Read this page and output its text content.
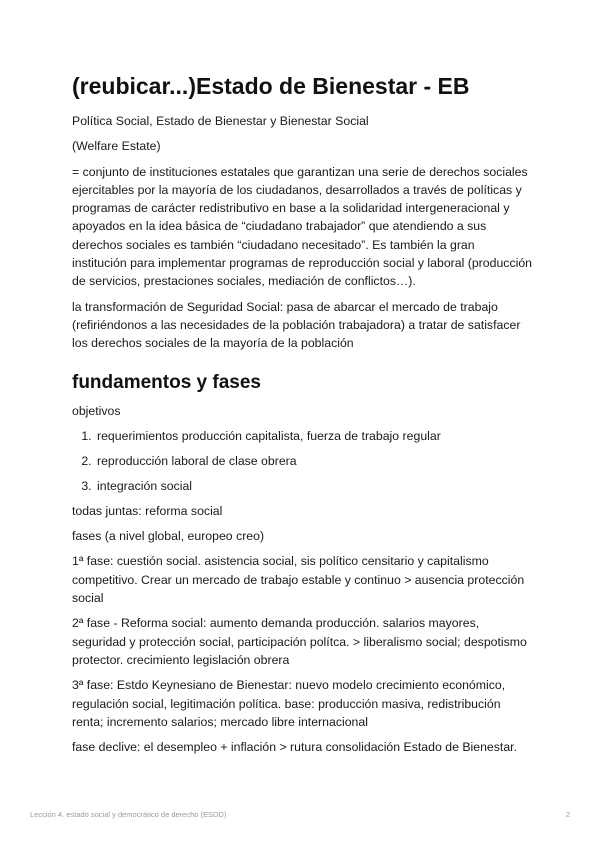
(reubicar...)Estado de Bienestar - EB

Política Social, Estado de Bienestar y Bienestar Social

(Welfare Estate)

= conjunto de instituciones estatales que garantizan una serie de derechos sociales ejercitables por la mayoría de los ciudadanos, desarrollados a través de políticas y programas de carácter redistributivo en base a la solidaridad intergeneracional y apoyados en la idea básica de “ciudadano trabajador” que atendiendo a sus derechos sociales es también “ciudadano necesitado”. Es también la gran institución para implementar programas de reproducción social y laboral (producción de servicios, prestaciones sociales, mediación de conflictos…).

la transformación de Seguridad Social: pasa de abarcar el mercado de trabajo (refiriéndonos a las necesidades de la población trabajadora) a tratar de satisfacer los derechos sociales de la mayoría de la población

fundamentos y fases

objetivos

1. requerimientos producción capitalista, fuerza de trabajo regular
2. reproducción laboral de clase obrera
3. integración social

todas juntas: reforma social

fases (a nivel global, europeo creo)

1ª fase: cuestión social. asistencia social, sis político censitario y capitalismo competitivo. Crear un mercado de trabajo estable y continuo > ausencia protección social

2ª fase - Reforma social: aumento demanda producción. salarios mayores, seguridad y protección social, participación polítca. > liberalismo social; despotismo protector. crecimiento legislación obrera

3ª fase: Estdo Keynesiano de Bienestar: nuevo modelo crecimiento económico, regulación social, legitimación política. base: producción masiva, redistribución renta; incremento salarios; mercado libre internacional

fase declive: el desempleo + inflación > rutura consolidación Estado de Bienestar.

Lección 4. estado social y democrático de derecho (ESDD)	2
